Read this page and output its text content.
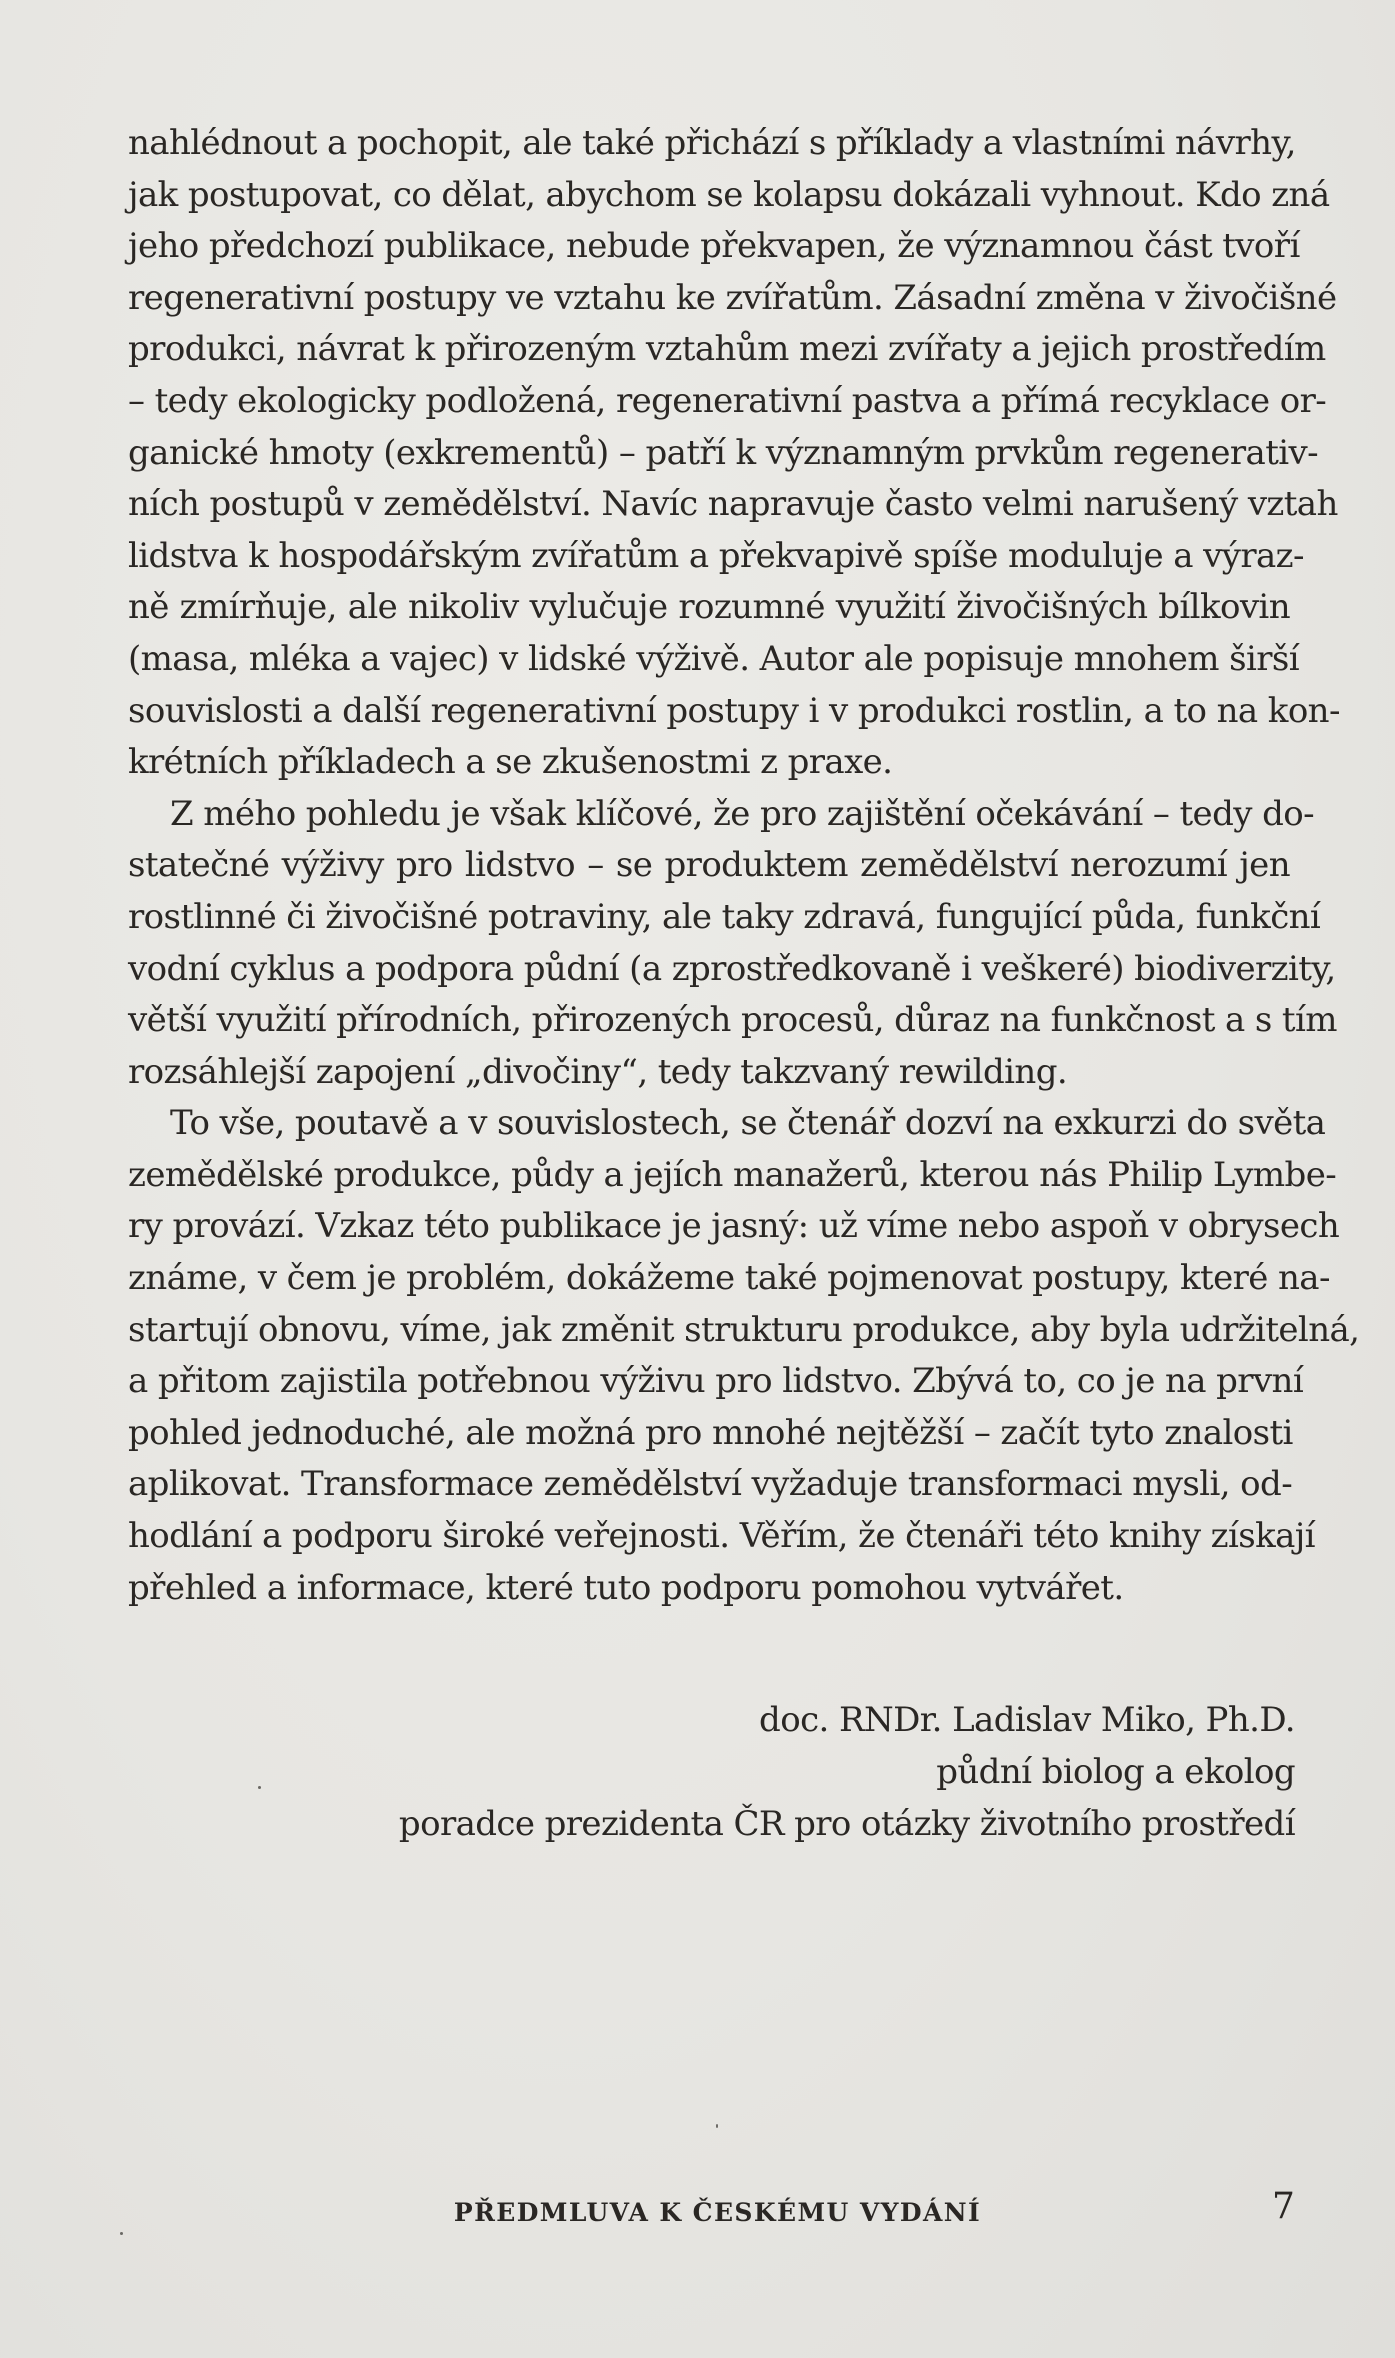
nahlédnout a pochopit, ale také přichází s příklady a vlastními návrhy,
jak postupovat, co dělat, abychom se kolapsu dokázali vyhnout. Kdo zná
jeho předchozí publikace, nebude překvapen, že významnou část tvoří
regenerativní postupy ve vztahu ke zvířatům. Zásadní změna v živočišné
produkci, návrat k přirozeným vztahům mezi zvířaty a jejich prostředím
– tedy ekologicky podložená, regenerativní pastva a přímá recyklace or-
ganické hmoty (exkrementů) – patří k významným prvkům regenerativ-
ních postupů v zemědělství. Navíc napravuje často velmi narušený vztah
lidstva k hospodářským zvířatům a překvapivě spíše moduluje a výraz-
ně zmírňuje, ale nikoliv vylučuje rozumné využití živočišných bílkovin
(masa, mléka a vajec) v lidské výživě. Autor ale popisuje mnohem širší
souvislosti a další regenerativní postupy i v produkci rostlin, a to na kon-
krétních příkladech a se zkušenostmi z praxe.
Z mého pohledu je však klíčové, že pro zajištění očekávání – tedy do-
statečné výživy pro lidstvo – se produktem zemědělství nerozumí jen
rostlinné či živočišné potraviny, ale taky zdravá, fungující půda, funkční
vodní cyklus a podpora půdní (a zprostředkovaně i veškeré) biodiverzity,
větší využití přírodních, přirozených procesů, důraz na funkčnost a s tím
rozsáhlejší zapojení „divočiny“, tedy takzvaný rewilding.
To vše, poutavě a v souvislostech, se čtenář dozví na exkurzi do světa
zemědělské produkce, půdy a jejích manažerů, kterou nás Philip Lymbe-
ry provází. Vzkaz této publikace je jasný: už víme nebo aspoň v obrysech
známe, v čem je problém, dokážeme také pojmenovat postupy, které na-
startují obnovu, víme, jak změnit strukturu produkce, aby byla udržitelná,
a přitom zajistila potřebnou výživu pro lidstvo. Zbývá to, co je na první
pohled jednoduché, ale možná pro mnohé nejtěžší – začít tyto znalosti
aplikovat. Transformace zemědělství vyžaduje transformaci mysli, od-
hodlání a podporu široké veřejnosti. Věřím, že čtenáři této knihy získají
přehled a informace, které tuto podporu pomohou vytvářet.
doc. RNDr. Ladislav Miko, Ph.D.
půdní biolog a ekolog
poradce prezidenta ČR pro otázky životního prostředí
PŘEDMLUVA K ČESKÉMU VYDÁNÍ	7
